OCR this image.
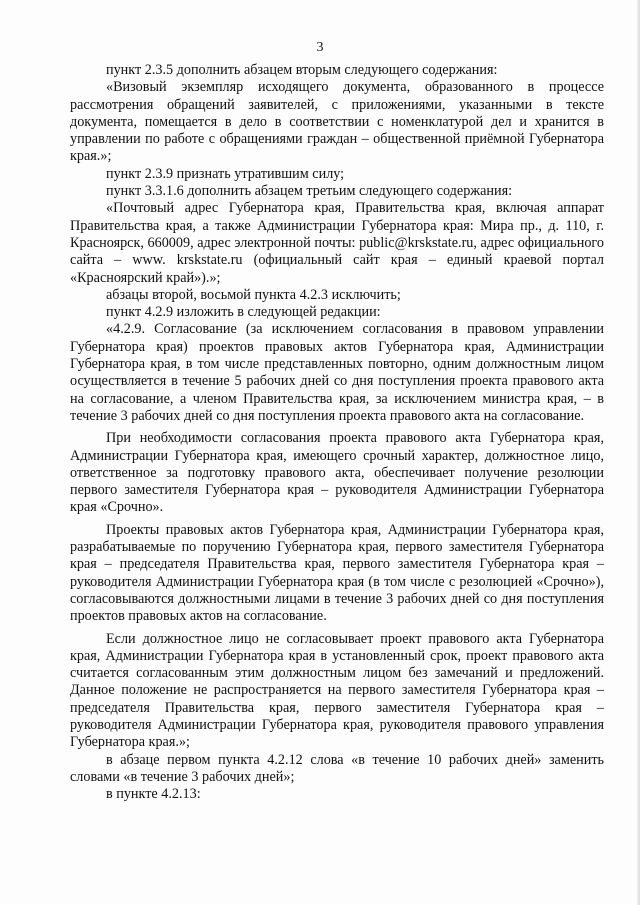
3

пункт 2.3.5 дополнить абзацем вторым следующего содержания:

«Визовый экземпляр исходящего документа, образованного в процессе рассмотрения обращений заявителей, с приложениями, указанными в тексте документа, помещается в дело в соответствии с номенклатурой дел и хранится в управлении по работе с обращениями граждан – общественной приёмной Губернатора края.»;

пункт 2.3.9 признать утратившим силу;

пункт 3.3.1.6 дополнить абзацем третьим следующего содержания:

«Почтовый адрес Губернатора края, Правительства края, включая аппарат Правительства края, а также Администрации Губернатора края: Мира пр., д. 110, г. Красноярск, 660009, адрес электронной почты: public@krskstate.ru, адрес официального сайта – www. krskstate.ru (официальный сайт края – единый краевой портал «Красноярский край»).»;

абзацы второй, восьмой пункта 4.2.3 исключить;

пункт 4.2.9 изложить в следующей редакции:

«4.2.9. Согласование (за исключением согласования в правовом управлении Губернатора края) проектов правовых актов Губернатора края, Администрации Губернатора края, в том числе представленных повторно, одним должностным лицом осуществляется в течение 5 рабочих дней со дня поступления проекта правового акта на согласование, а членом Правительства края, за исключением министра края, – в течение 3 рабочих дней со дня поступления проекта правового акта на согласование.

При необходимости согласования проекта правового акта Губернатора края, Администрации Губернатора края, имеющего срочный характер, должностное лицо, ответственное за подготовку правового акта, обеспечивает получение резолюции первого заместителя Губернатора края – руководителя Администрации Губернатора края «Срочно».

Проекты правовых актов Губернатора края, Администрации Губернатора края, разрабатываемые по поручению Губернатора края, первого заместителя Губернатора края – председателя Правительства края, первого заместителя Губернатора края – руководителя Администрации Губернатора края (в том числе с резолюцией «Срочно»), согласовываются должностными лицами в течение 3 рабочих дней со дня поступления проектов правовых актов на согласование.

Если должностное лицо не согласовывает проект правового акта Губернатора края, Администрации Губернатора края в установленный срок, проект правового акта считается согласованным этим должностным лицом без замечаний и предложений. Данное положение не распространяется на первого заместителя Губернатора края – председателя Правительства края, первого заместителя Губернатора края – руководителя Администрации Губернатора края, руководителя правового управления Губернатора края.»;

в абзаце первом пункта 4.2.12 слова «в течение 10 рабочих дней» заменить словами «в течение 3 рабочих дней»;

в пункте 4.2.13:
